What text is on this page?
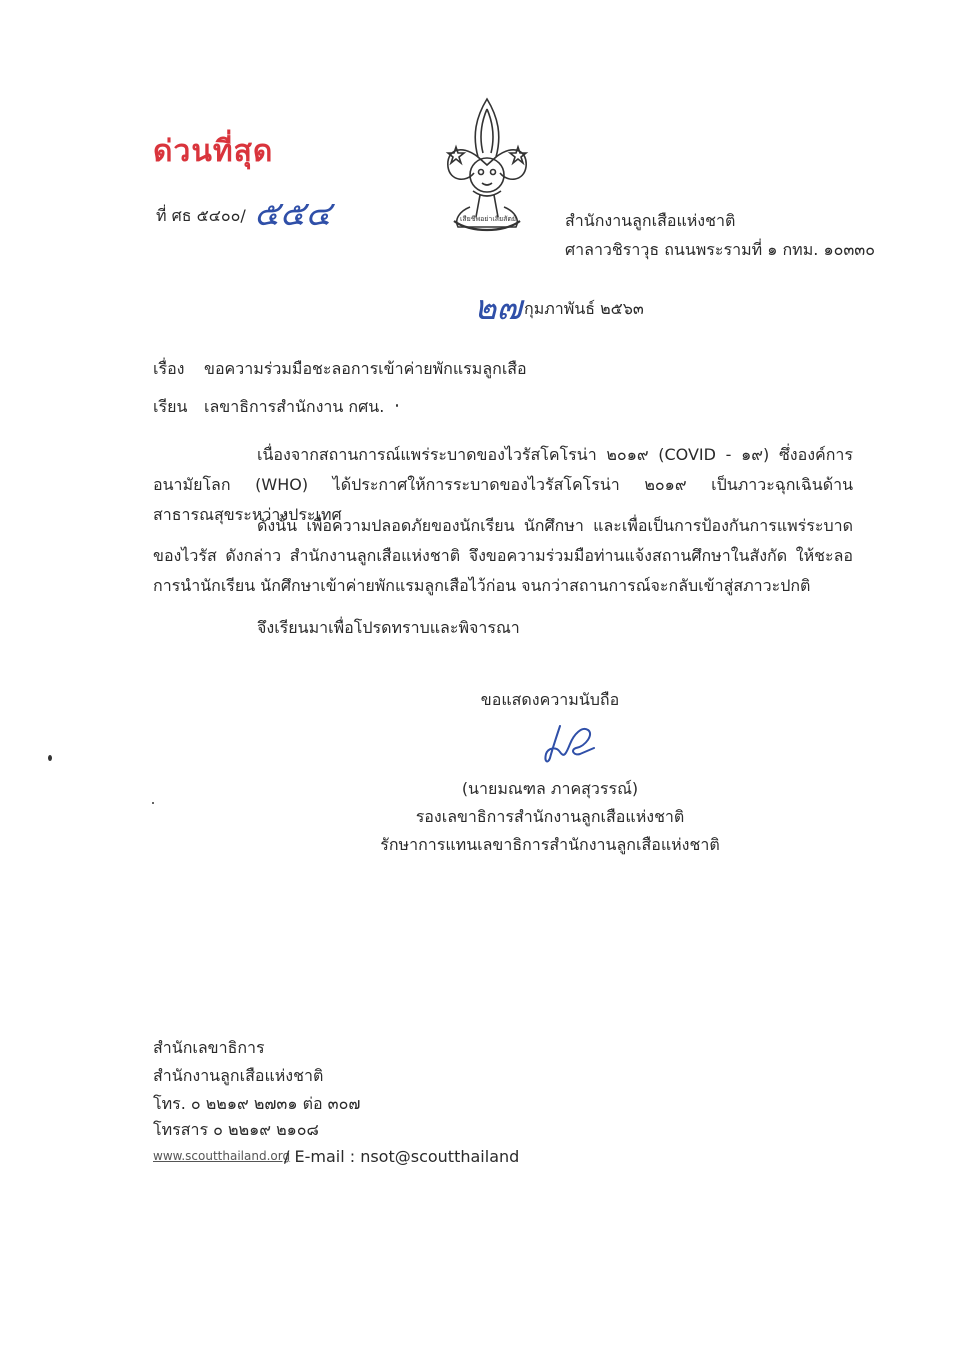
ด่วนที่สุด
ที่ ศธ ๕๔๐๐/ ๕๕๔	เสียชีพอย่าเสียสัตย์	สำนักงานลูกเสือแห่งชาติ
ศาลาวชิราวุธ ถนนพระรามที่ ๑ กทม. ๑๐๓๓๐
๒๗ กุมภาพันธ์ ๒๕๖๓
เรื่อง ขอความร่วมมือชะลอการเข้าค่ายพักแรมลูกเสือ
เรียน เลขาธิการสำนักงาน กศน.
เนื่องจากสถานการณ์แพร่ระบาดของไวรัสโคโรน่า ๒๐๑๙ (COVID - ๑๙) ซึ่งองค์การอนามัยโลก (WHO) ได้ประกาศให้การระบาดของไวรัสโคโรน่า ๒๐๑๙ เป็นภาวะฉุกเฉินด้านสาธารณสุขระหว่างประเทศ
ดังนั้น เพื่อความปลอดภัยของนักเรียน นักศึกษา และเพื่อเป็นการป้องกันการแพร่ระบาดของไวรัส ดังกล่าว สำนักงานลูกเสือแห่งชาติ จึงขอความร่วมมือท่านแจ้งสถานศึกษาในสังกัด ให้ชะลอการนำนักเรียน นักศึกษาเข้าค่ายพักแรมลูกเสือไว้ก่อน จนกว่าสถานการณ์จะกลับเข้าสู่สภาวะปกติ
จึงเรียนมาเพื่อโปรดทราบและพิจารณา
ขอแสดงความนับถือ
(นายมณฑล ภาคสุวรรณ์)
รองเลขาธิการสำนักงานลูกเสือแห่งชาติ
รักษาการแทนเลขาธิการสำนักงานลูกเสือแห่งชาติ
สำนักเลขาธิการ
สำนักงานลูกเสือแห่งชาติ
โทร. ๐ ๒๒๑๙ ๒๗๓๑ ต่อ ๓๐๗
โทรสาร ๐ ๒๒๑๙ ๒๑๐๘
www.scoutthailand.org
/ E-mail : nsot@scoutthailand
